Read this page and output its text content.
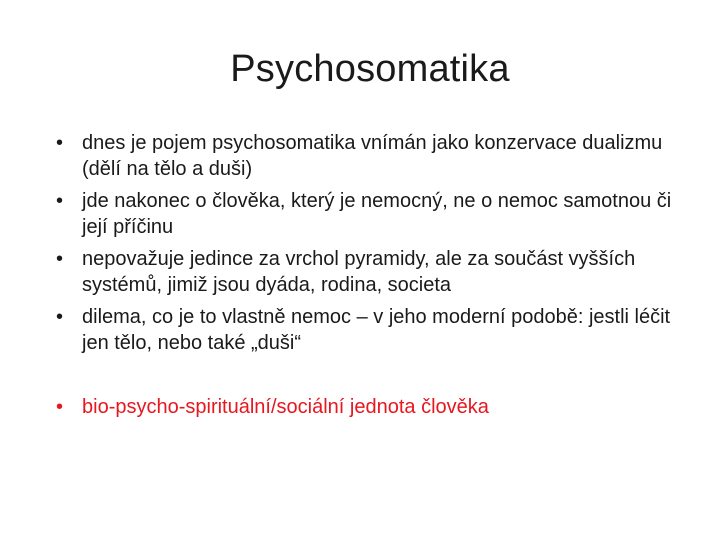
Psychosomatika
• dnes je pojem psychosomatika vnímán jako konzervace dualizmu (dělí na tělo a duši)
• jde nakonec o člověka, který je nemocný, ne o nemoc samotnou či její příčinu
• nepovažuje jedince za vrchol pyramidy, ale za součást vyšších systémů, jimiž jsou dyáda, rodina, societa
• dilema, co je to vlastně nemoc – v jeho moderní podobě: jestli léčit jen tělo, nebo také „duši“
• bio-psycho-spirituální/sociální jednota člověka
